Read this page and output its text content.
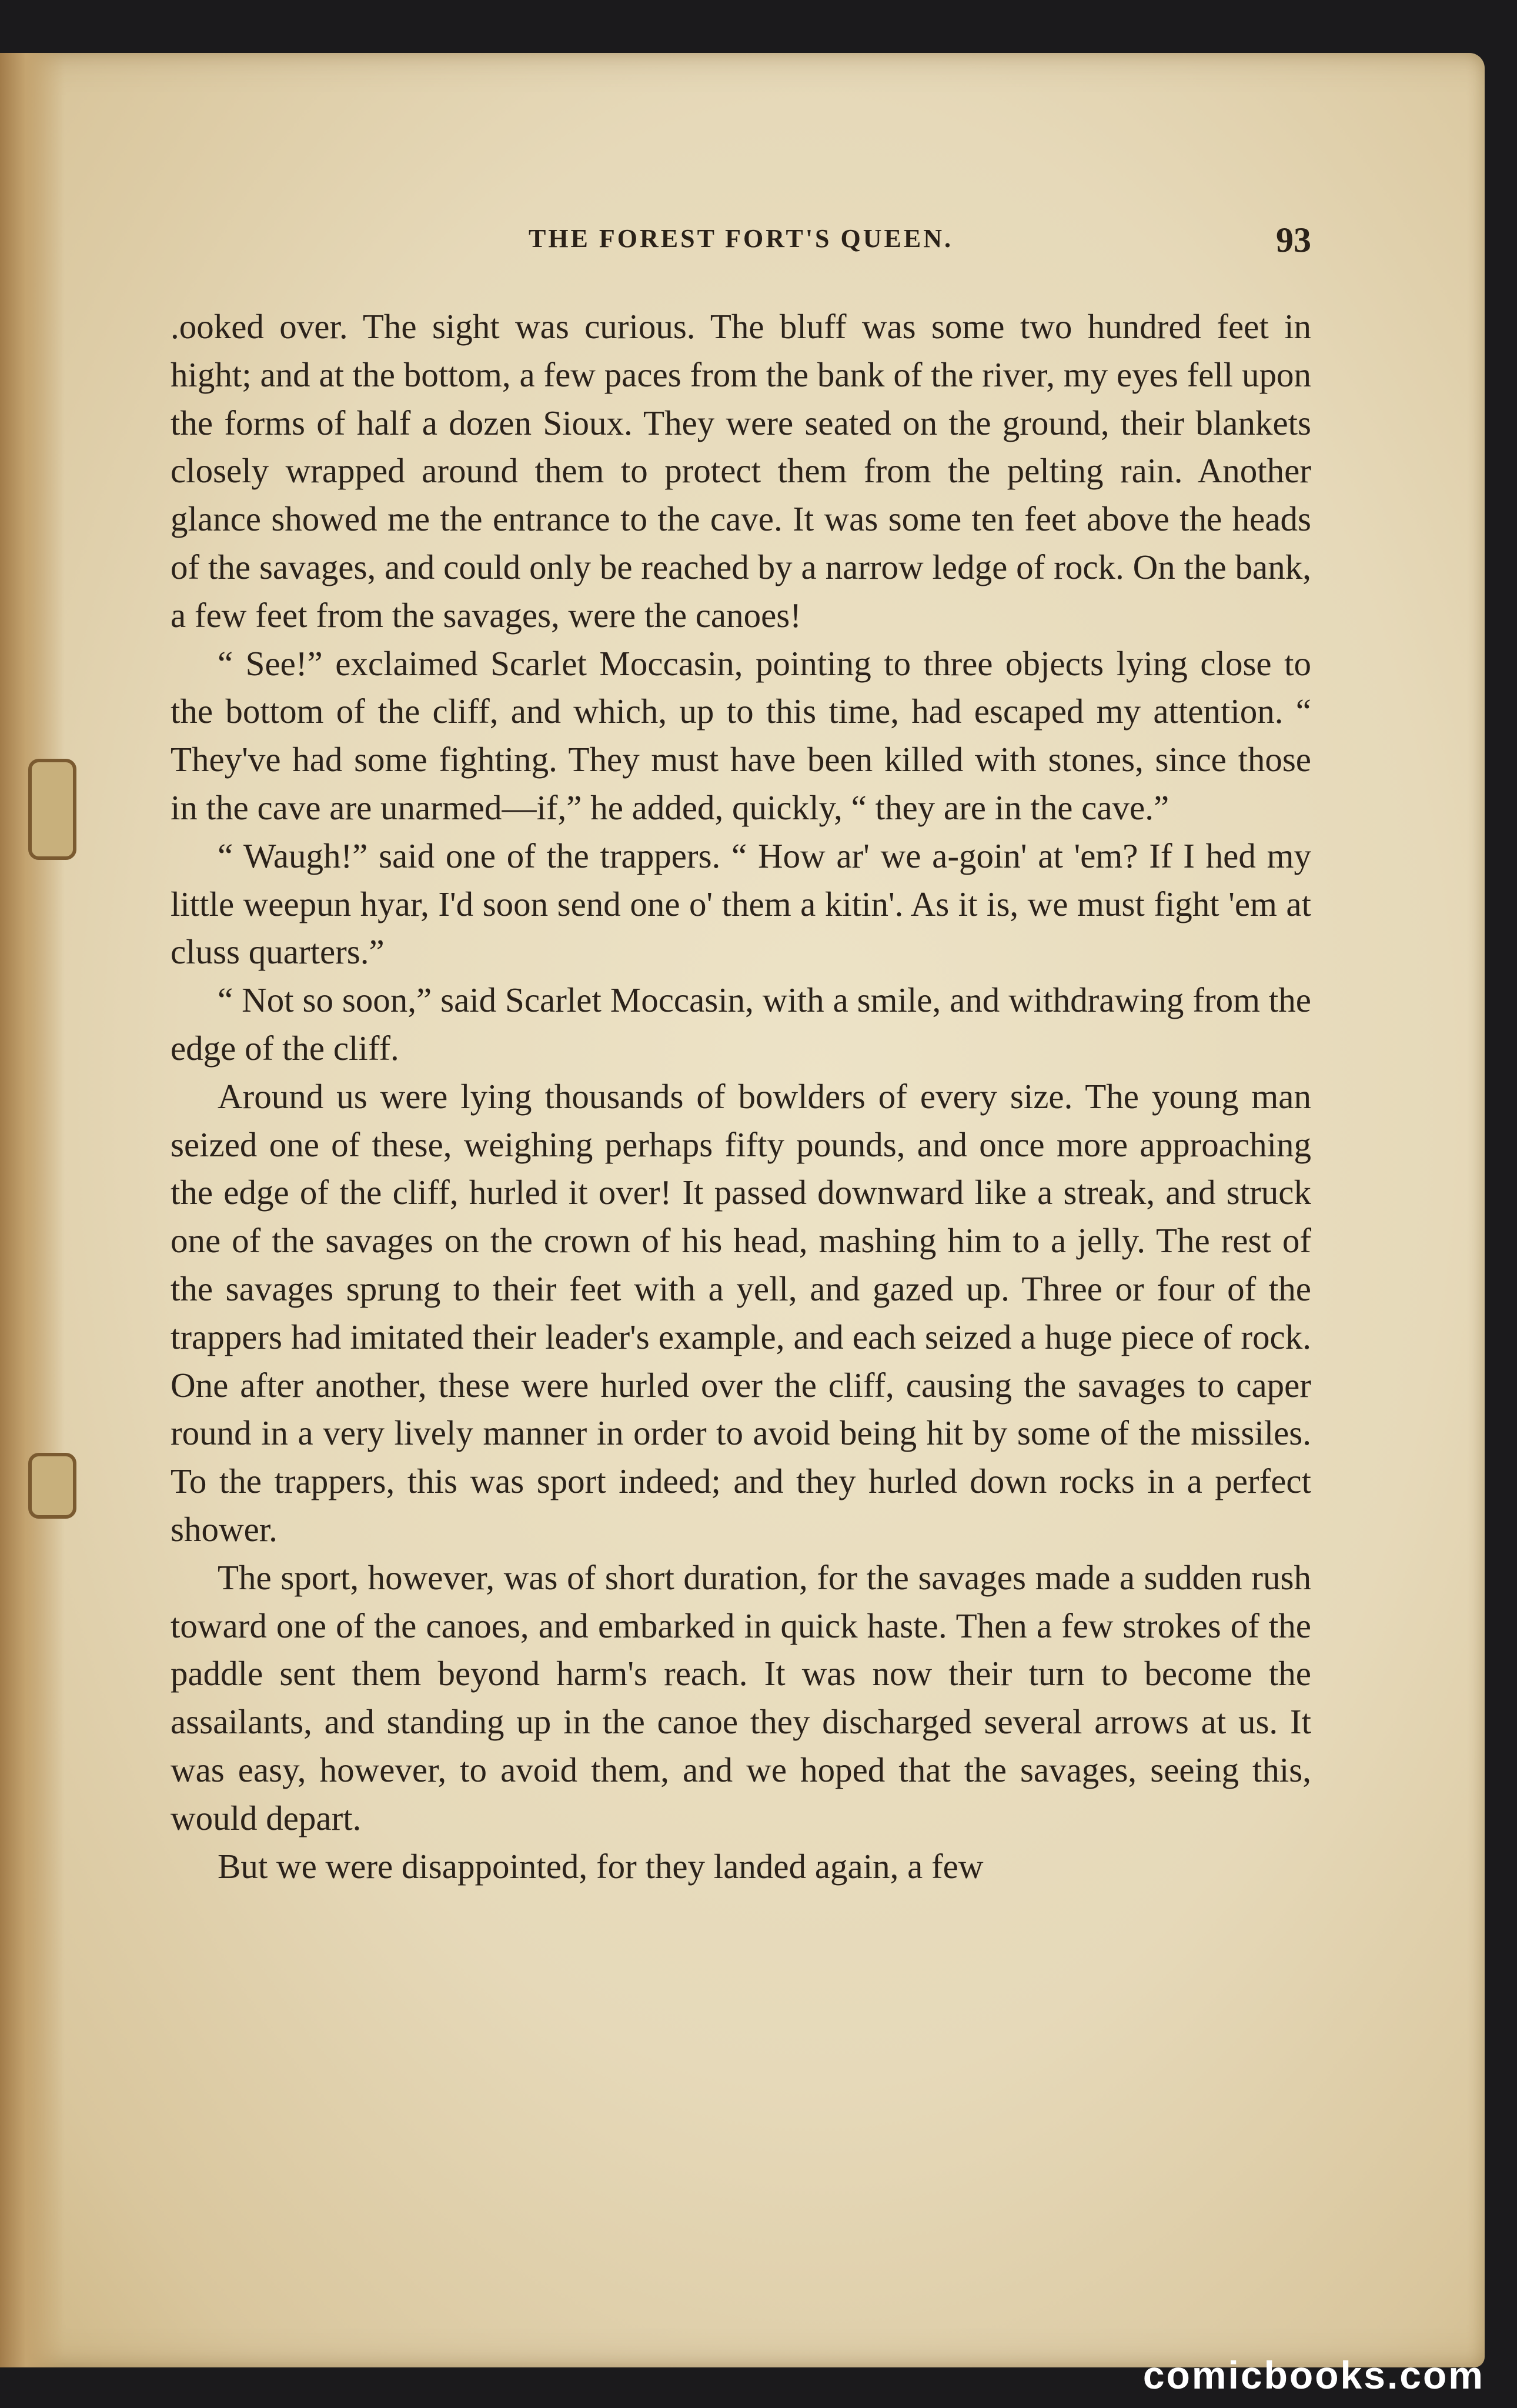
THE FOREST FORT'S QUEEN.	93

.ooked over. The sight was curious. The bluff was some two hundred feet in hight; and at the bottom, a few paces from the bank of the river, my eyes fell upon the forms of half a dozen Sioux. They were seated on the ground, their blankets closely wrapped around them to protect them from the pelting rain. Another glance showed me the entrance to the cave. It was some ten feet above the heads of the savages, and could only be reached by a narrow ledge of rock. On the bank, a few feet from the savages, were the canoes!

“ See!” exclaimed Scarlet Moccasin, pointing to three objects lying close to the bottom of the cliff, and which, up to this time, had escaped my attention. “ They've had some fighting. They must have been killed with stones, since those in the cave are unarmed—if,” he added, quickly, “ they are in the cave.”

“ Waugh!” said one of the trappers. “ How ar' we a-goin' at 'em? If I hed my little weepun hyar, I'd soon send one o' them a kitin'. As it is, we must fight 'em at cluss quarters.”

“ Not so soon,” said Scarlet Moccasin, with a smile, and withdrawing from the edge of the cliff.

Around us were lying thousands of bowlders of every size. The young man seized one of these, weighing perhaps fifty pounds, and once more approaching the edge of the cliff, hurled it over! It passed downward like a streak, and struck one of the savages on the crown of his head, mashing him to a jelly. The rest of the savages sprung to their feet with a yell, and gazed up. Three or four of the trappers had imitated their leader's example, and each seized a huge piece of rock. One after another, these were hurled over the cliff, causing the savages to caper round in a very lively manner in order to avoid being hit by some of the missiles. To the trappers, this was sport indeed; and they hurled down rocks in a perfect shower.

The sport, however, was of short duration, for the savages made a sudden rush toward one of the canoes, and embarked in quick haste. Then a few strokes of the paddle sent them beyond harm's reach. It was now their turn to become the assailants, and standing up in the canoe they discharged several arrows at us. It was easy, however, to avoid them, and we hoped that the savages, seeing this, would depart.

But we were disappointed, for they landed again, a few

comicbooks.com
